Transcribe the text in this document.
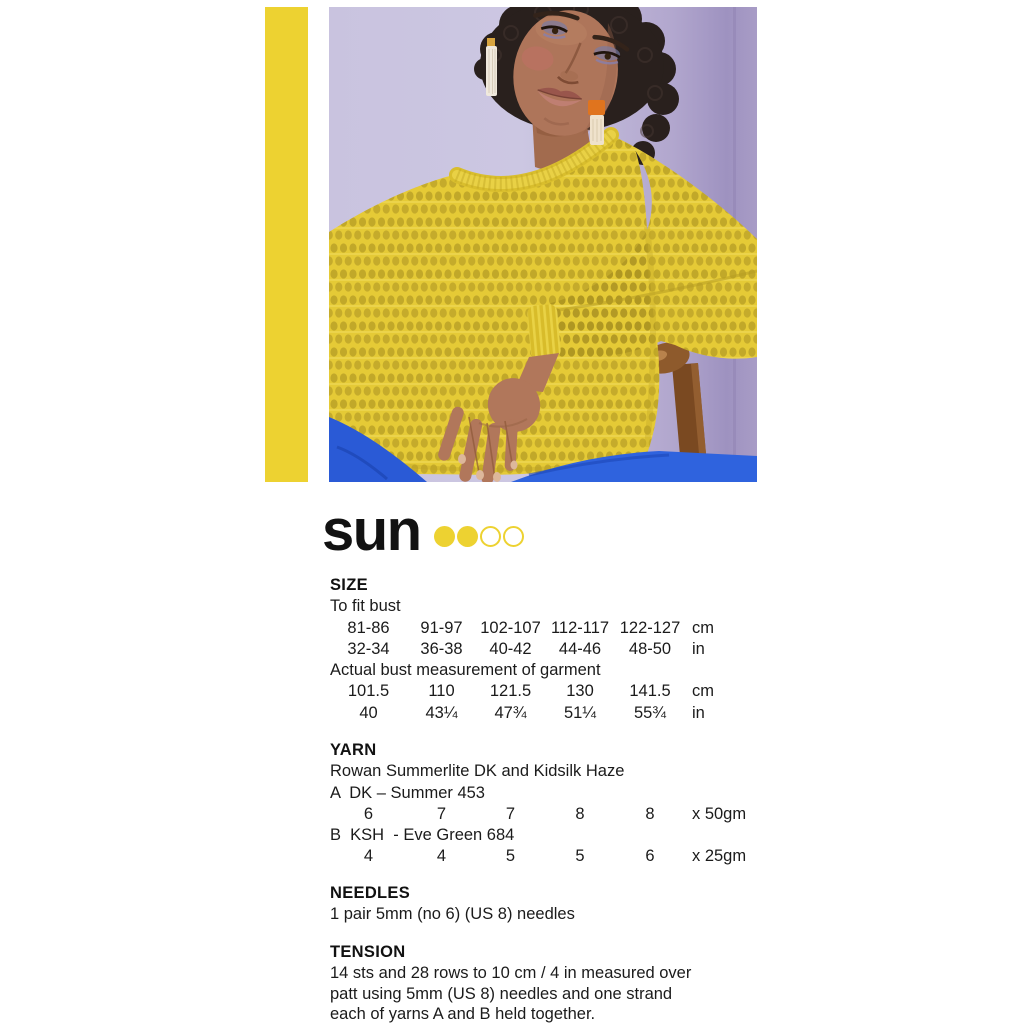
sun
SIZE
To fit bust
81-86	91-97	102-107 112-117 122-127 cm
32-34	36-38	40-42	44-46	48-50	in
Actual bust measurement of garment
101.5	110	121.5	130	141.5	cm
40	43¼	47¾	51¼	55¾	in
YARN
Rowan Summerlite DK and Kidsilk Haze
A  DK – Summer 453
6	7	7	8	8	x 50gm
B  KSH  - Eve Green 684
4	4	5	5	6	x 25gm
NEEDLES
1 pair 5mm (no 6) (US 8) needles
TENSION
14 sts and 28 rows to 10 cm / 4 in measured over
patt using 5mm (US 8) needles and one strand
each of yarns A and B held together.
